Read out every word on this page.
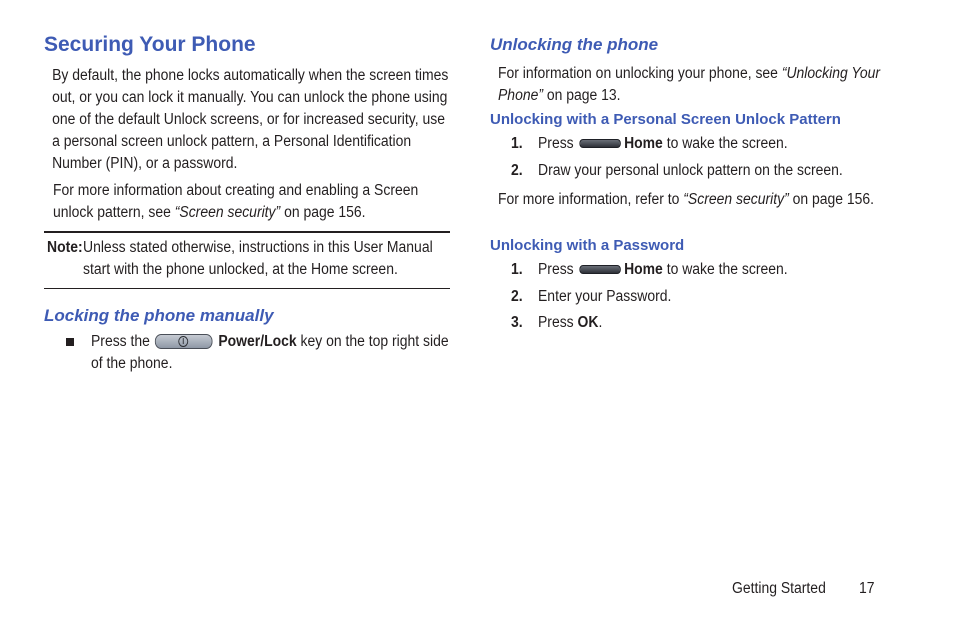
Securing Your Phone

By default, the phone locks automatically when the screen times out, or you can lock it manually. You can unlock the phone using one of the default Unlock screens, or for increased security, use a personal screen unlock pattern, a Personal Identification Number (PIN), or a password.

For more information about creating and enabling a Screen unlock pattern, see “Screen security” on page 156.

Note: Unless stated otherwise, instructions in this User Manual start with the phone unlocked, at the Home screen.
Locking the phone manually
Press the	Power/Lock key on the top right side of the phone.
Unlocking the phone

For information on unlocking your phone, see “Unlocking Your Phone” on page 13.

Unlocking with a Personal Screen Unlock Pattern
1. Press	Home to wake the screen.
2. Draw your personal unlock pattern on the screen.

For more information, refer to “Screen security” on page 156.

Unlocking with a Password
1. Press	Home to wake the screen.
2. Enter your Password.
3. Press OK.
Getting Started 17
